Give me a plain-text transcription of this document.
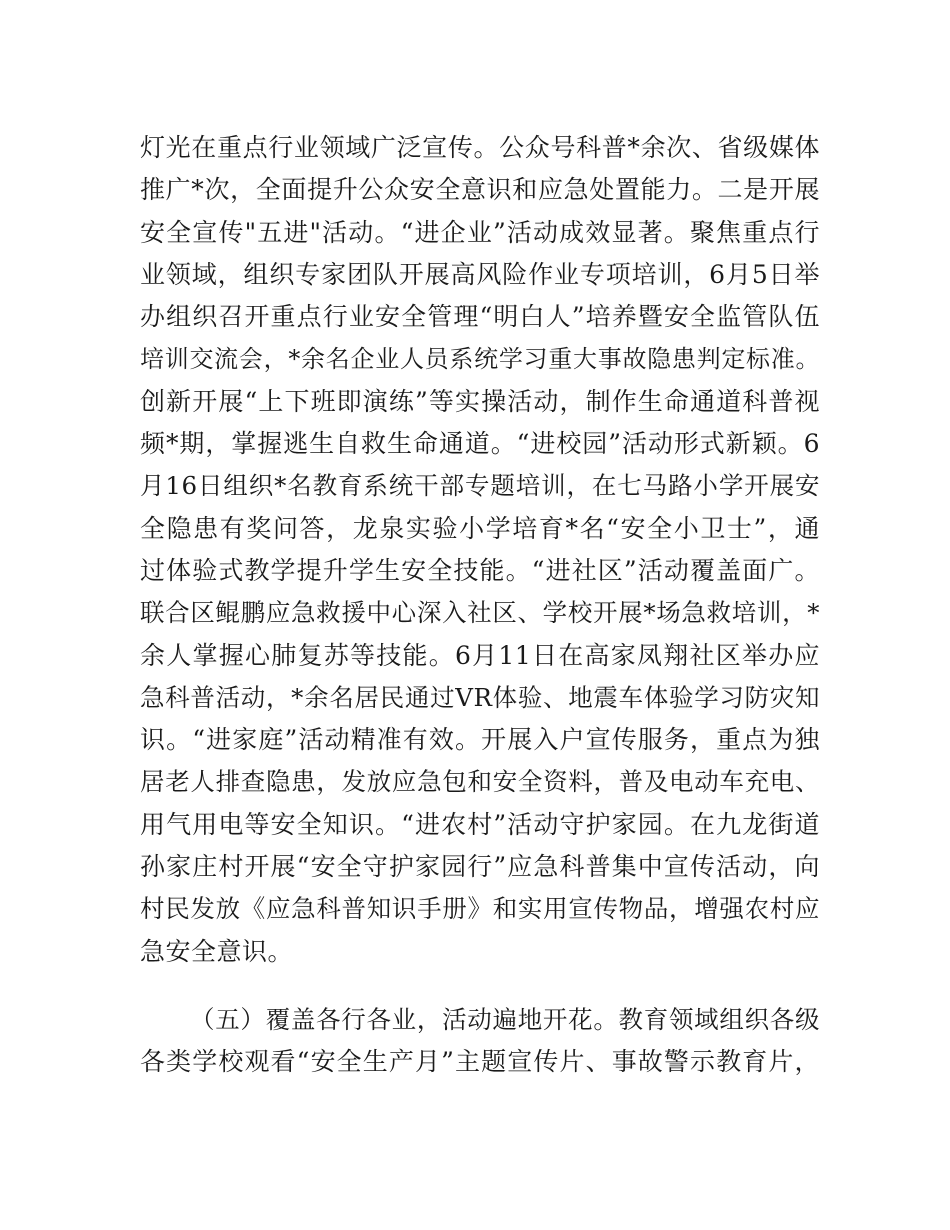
灯光在重点行业领域广泛宣传。公众号科普*余次、省级媒体
推广*次，全面提升公众安全意识和应急处置能力。二是开展
安全宣传"五进"活动。“进企业”活动成效显著。聚焦重点行
业领域，组织专家团队开展高风险作业专项培训，6月5日举
办组织召开重点行业安全管理“明白人”培养暨安全监管队伍
培训交流会，*余名企业人员系统学习重大事故隐患判定标准。
创新开展“上下班即演练”等实操活动，制作生命通道科普视
频*期，掌握逃生自救生命通道。“进校园”活动形式新颖。6
月16日组织*名教育系统干部专题培训，在七马路小学开展安
全隐患有奖问答，龙泉实验小学培育*名“安全小卫士”，通
过体验式教学提升学生安全技能。“进社区”活动覆盖面广。
联合区鲲鹏应急救援中心深入社区、学校开展*场急救培训，*
余人掌握心肺复苏等技能。6月11日在高家凤翔社区举办应
急科普活动，*余名居民通过VR体验、地震车体验学习防灾知
识。“进家庭”活动精准有效。开展入户宣传服务，重点为独
居老人排查隐患，发放应急包和安全资料，普及电动车充电、
用气用电等安全知识。“进农村”活动守护家园。在九龙街道
孙家庄村开展“安全守护家园行”应急科普集中宣传活动，向
村民发放《应急科普知识手册》和实用宣传物品，增强农村应
急安全意识。
（五）覆盖各行各业，活动遍地开花。教育领域组织各级
各类学校观看“安全生产月”主题宣传片、事故警示教育片，
